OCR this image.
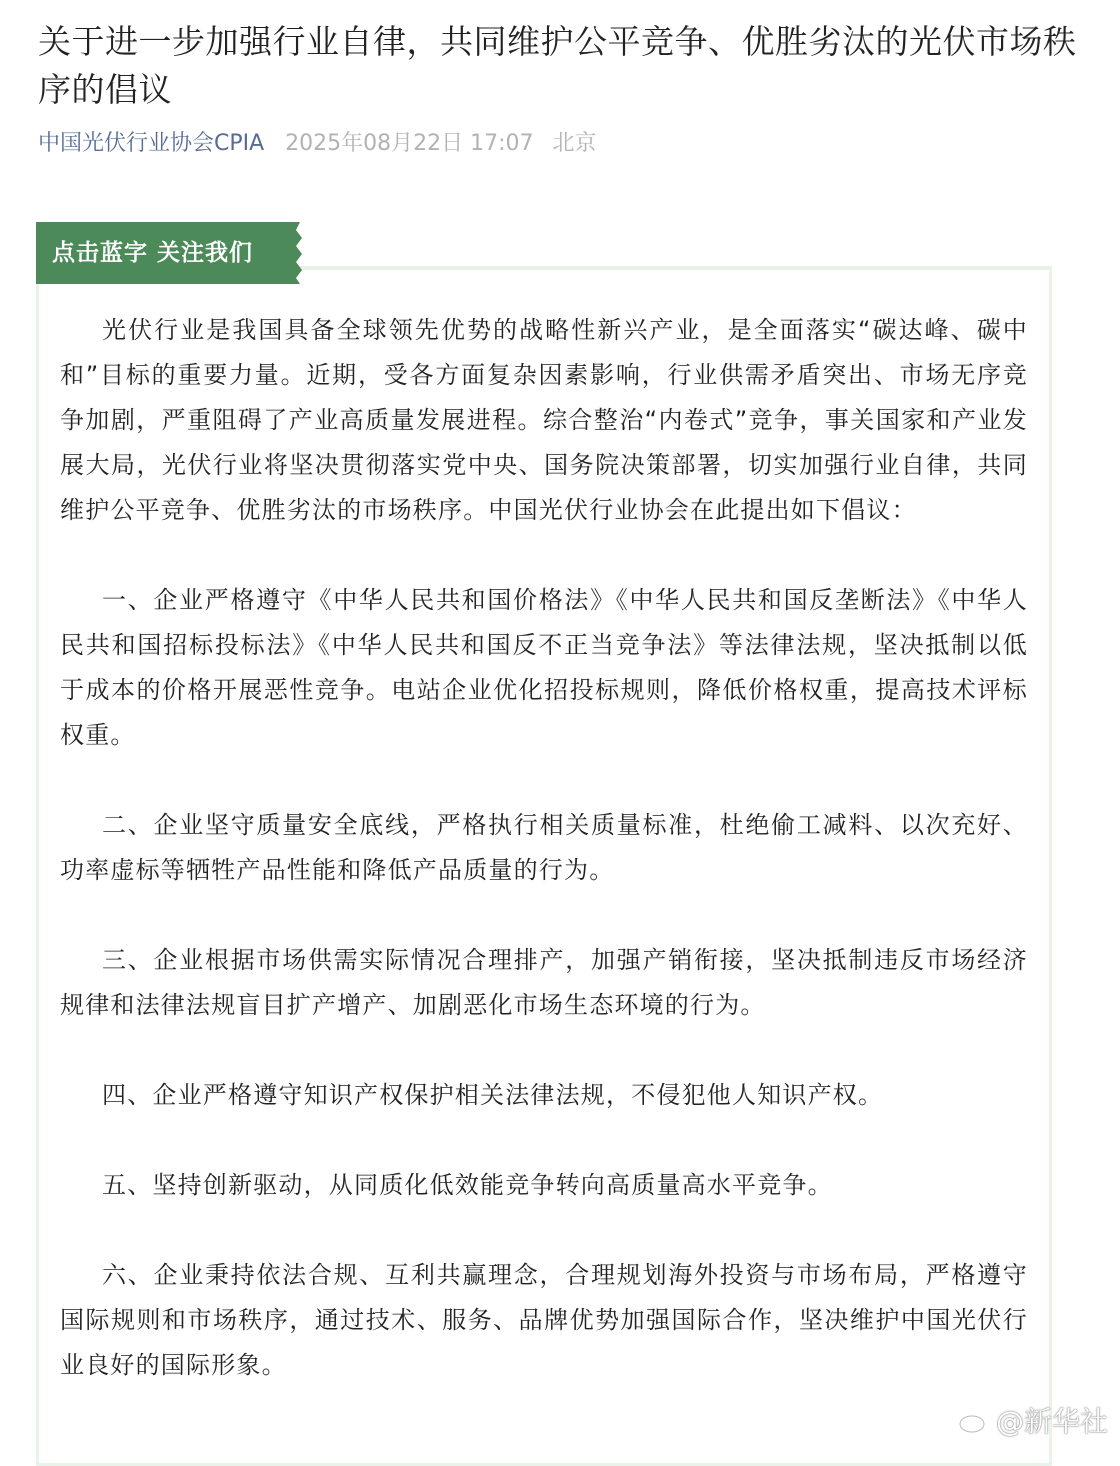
关于进一步加强行业自律，共同维护公平竞争、优胜劣汰的光伏市场秩序的倡议
中国光伏行业协会CPIA 2025年08月22日 17:07 北京
点击蓝字 关注我们

光伏行业是我国具备全球领先优势的战略性新兴产业，是全面落实“碳达峰、碳中和”目标的重要力量。近期，受各方面复杂因素影响，行业供需矛盾突出、市场无序竞争加剧，严重阻碍了产业高质量发展进程。综合整治“内卷式”竞争，事关国家和产业发展大局，光伏行业将坚决贯彻落实党中央、国务院决策部署，切实加强行业自律，共同维护公平竞争、优胜劣汰的市场秩序。中国光伏行业协会在此提出如下倡议：

一、企业严格遵守《中华人民共和国价格法》《中华人民共和国反垄断法》《中华人民共和国招标投标法》《中华人民共和国反不正当竞争法》等法律法规，坚决抵制以低于成本的价格开展恶性竞争。电站企业优化招投标规则，降低价格权重，提高技术评标权重。

二、企业坚守质量安全底线，严格执行相关质量标准，杜绝偷工减料、以次充好、功率虚标等牺牲产品性能和降低产品质量的行为。

三、企业根据市场供需实际情况合理排产，加强产销衔接，坚决抵制违反市场经济规律和法律法规盲目扩产增产、加剧恶化市场生态环境的行为。

四、企业严格遵守知识产权保护相关法律法规，不侵犯他人知识产权。

五、坚持创新驱动，从同质化低效能竞争转向高质量高水平竞争。

六、企业秉持依法合规、互利共赢理念，合理规划海外投资与市场布局，严格遵守国际规则和市场秩序，通过技术、服务、品牌优势加强国际合作，坚决维护中国光伏行业良好的国际形象。

@新华社
